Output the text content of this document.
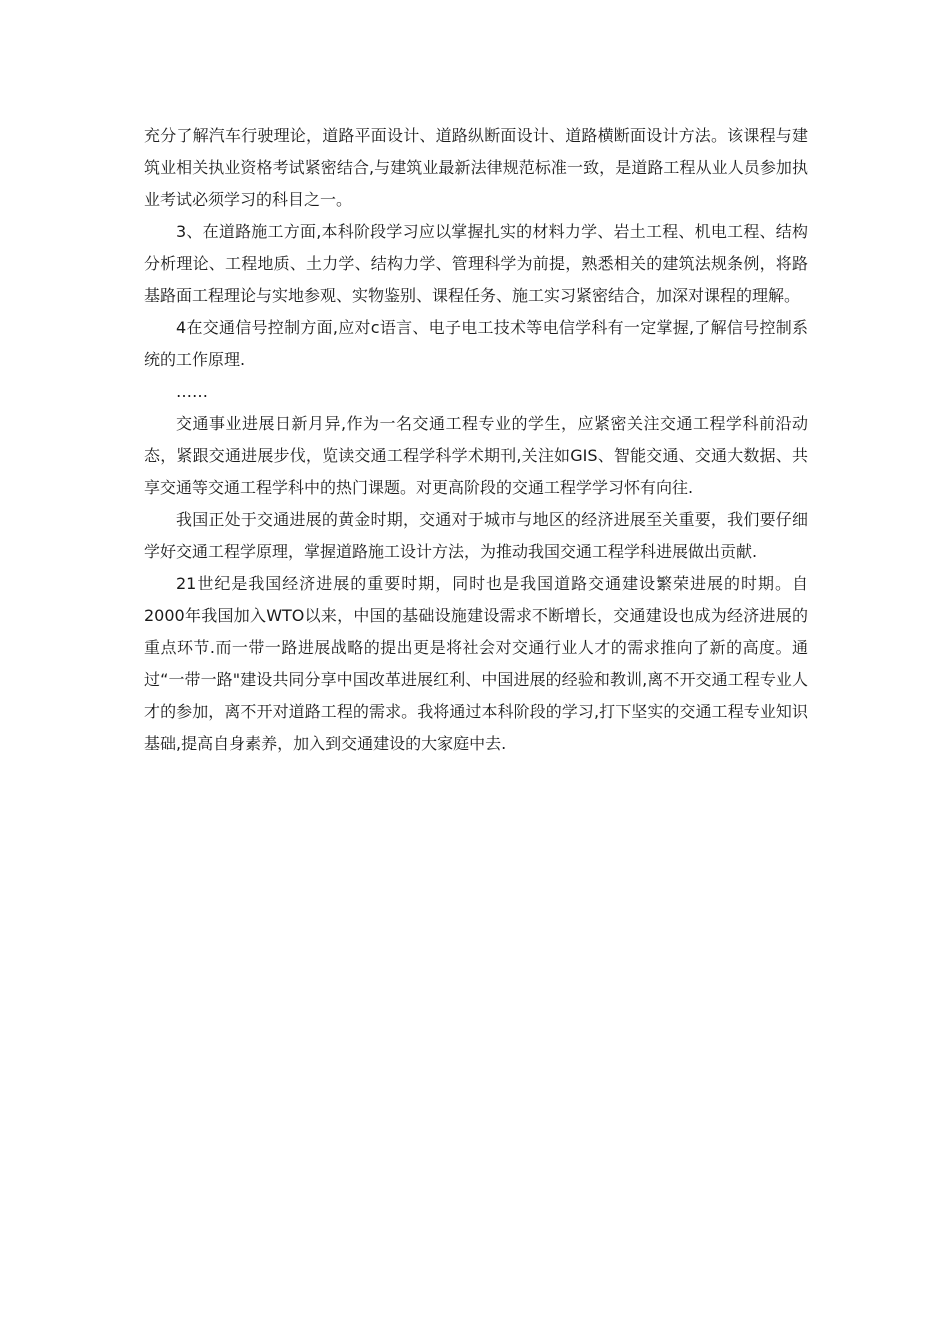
充分了解汽车行驶理论，道路平面设计、道路纵断面设计、道路横断面设计方法。该课程与建筑业相关执业资格考试紧密结合,与建筑业最新法律规范标准一致，是道路工程从业人员参加执业考试必须学习的科目之一。

3、在道路施工方面,本科阶段学习应以掌握扎实的材料力学、岩土工程、机电工程、结构分析理论、工程地质、土力学、结构力学、管理科学为前提，熟悉相关的建筑法规条例，将路基路面工程理论与实地参观、实物鉴别、课程任务、施工实习紧密结合，加深对课程的理解。

4在交通信号控制方面,应对c语言、电子电工技术等电信学科有一定掌握,了解信号控制系统的工作原理.

……

交通事业进展日新月异,作为一名交通工程专业的学生，应紧密关注交通工程学科前沿动态，紧跟交通进展步伐，览读交通工程学科学术期刊,关注如GIS、智能交通、交通大数据、共享交通等交通工程学科中的热门课题。对更高阶段的交通工程学学习怀有向往.

我国正处于交通进展的黄金时期，交通对于城市与地区的经济进展至关重要，我们要仔细学好交通工程学原理，掌握道路施工设计方法，为推动我国交通工程学科进展做出贡献.

21世纪是我国经济进展的重要时期，同时也是我国道路交通建设繁荣进展的时期。自2000年我国加入WTO以来，中国的基础设施建设需求不断增长，交通建设也成为经济进展的重点环节.而一带一路进展战略的提出更是将社会对交通行业人才的需求推向了新的高度。通过“一带一路"建设共同分享中国改革进展红利、中国进展的经验和教训,离不开交通工程专业人才的参加，离不开对道路工程的需求。我将通过本科阶段的学习,打下坚实的交通工程专业知识基础,提高自身素养，加入到交通建设的大家庭中去.
